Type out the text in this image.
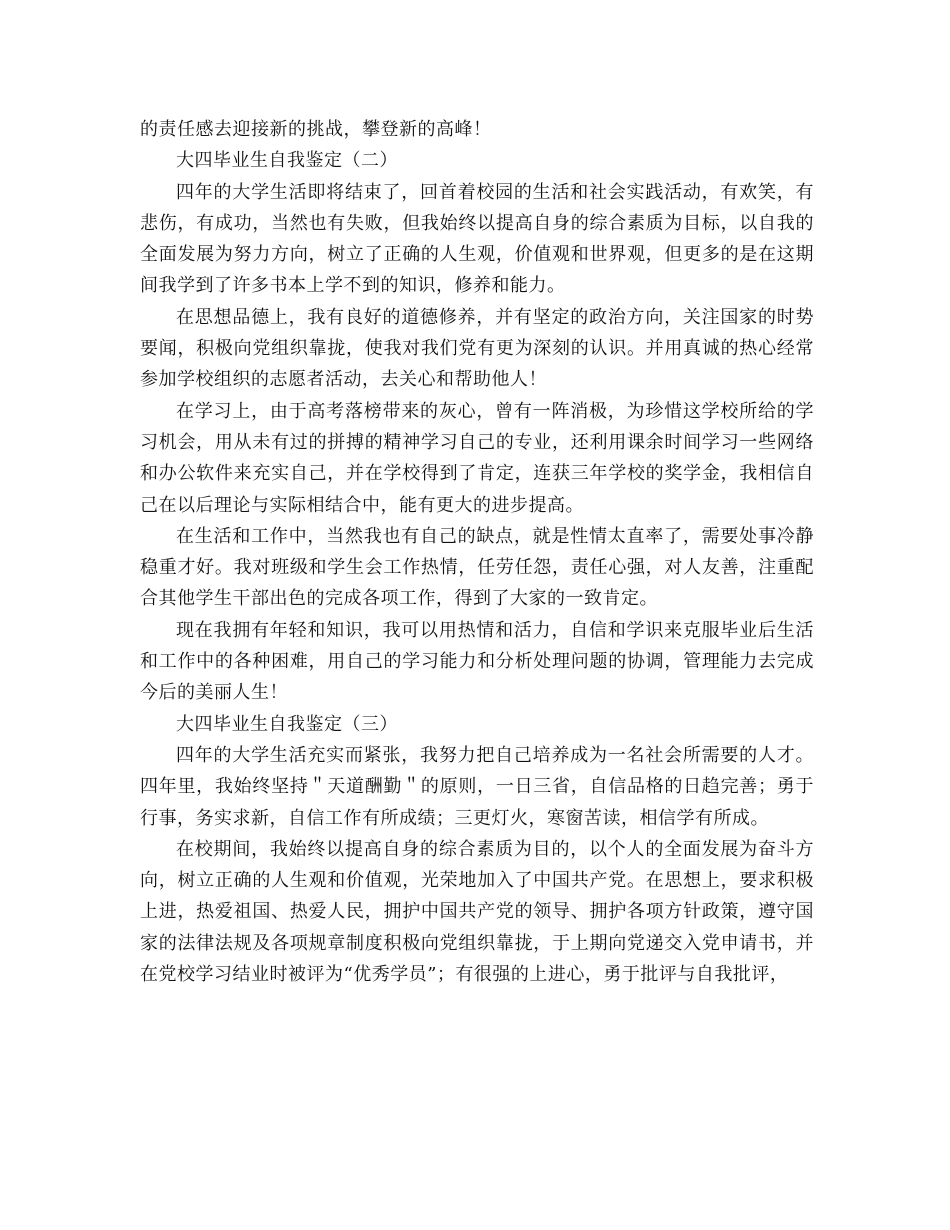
的责任感去迎接新的挑战，攀登新的高峰！

大四毕业生自我鉴定（二）

四年的大学生活即将结束了，回首着校园的生活和社会实践活动，有欢笑，有悲伤，有成功，当然也有失败，但我始终以提高自身的综合素质为目标，以自我的全面发展为努力方向，树立了正确的人生观，价值观和世界观，但更多的是在这期间我学到了许多书本上学不到的知识，修养和能力。

在思想品德上，我有良好的道德修养，并有坚定的政治方向，关注国家的时势要闻，积极向党组织靠拢，使我对我们党有更为深刻的认识。并用真诚的热心经常参加学校组织的志愿者活动，去关心和帮助他人！

在学习上，由于高考落榜带来的灰心，曾有一阵消极，为珍惜这学校所给的学习机会，用从未有过的拼搏的精神学习自己的专业，还利用课余时间学习一些网络和办公软件来充实自己，并在学校得到了肯定，连获三年学校的奖学金，我相信自己在以后理论与实际相结合中，能有更大的进步提高。

在生活和工作中，当然我也有自己的缺点，就是性情太直率了，需要处事冷静稳重才好。我对班级和学生会工作热情，任劳任怨，责任心强，对人友善，注重配合其他学生干部出色的完成各项工作，得到了大家的一致肯定。

现在我拥有年轻和知识，我可以用热情和活力，自信和学识来克服毕业后生活和工作中的各种困难，用自己的学习能力和分析处理问题的协调，管理能力去完成今后的美丽人生！

大四毕业生自我鉴定（三）

四年的大学生活充实而紧张，我努力把自己培养成为一名社会所需要的人才。四年里，我始终坚持＂天道酬勤＂的原则，一日三省，自信品格的日趋完善；勇于行事，务实求新，自信工作有所成绩；三更灯火，寒窗苦读，相信学有所成。

在校期间，我始终以提高自身的综合素质为目的，以个人的全面发展为奋斗方向，树立正确的人生观和价值观，光荣地加入了中国共产党。在思想上，要求积极上进，热爱祖国、热爱人民，拥护中国共产党的领导、拥护各项方针政策，遵守国家的法律法规及各项规章制度积极向党组织靠拢，于上期向党递交入党申请书，并在党校学习结业时被评为“优秀学员”；有很强的上进心，勇于批评与自我批评，
